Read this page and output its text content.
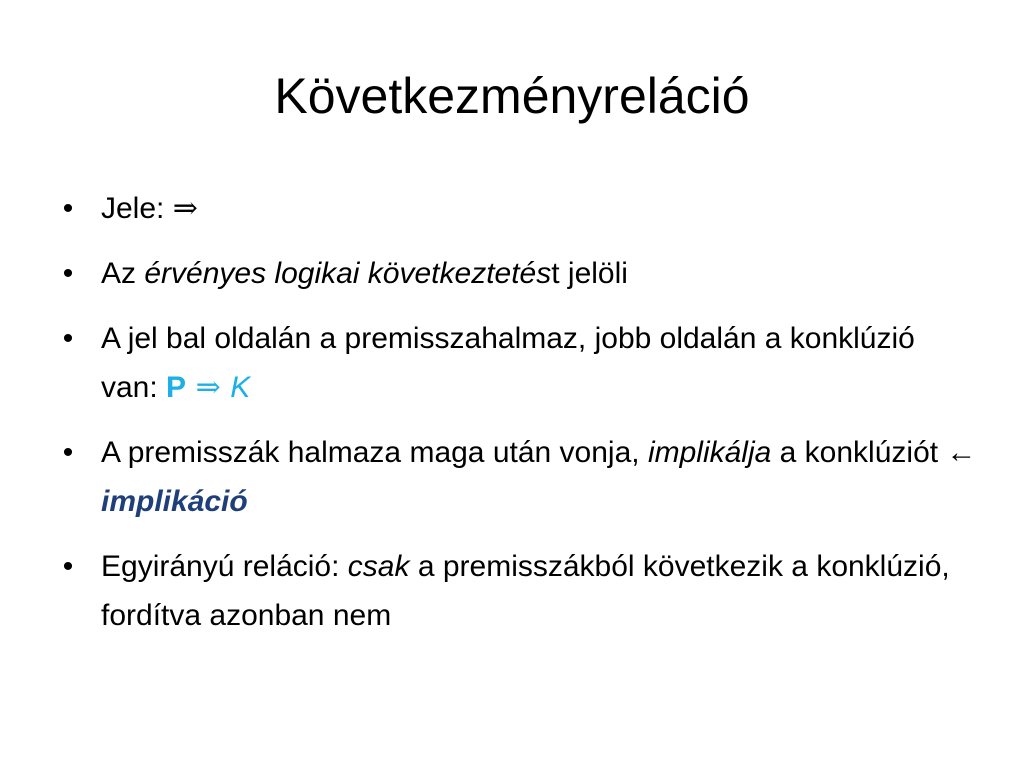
Következményreláció
• Jele: ⇒
• Az érvényes logikai következtetést jelöli
• A jel bal oldalán a premisszahalmaz, jobb oldalán a konklúzió van: P ⇒ K
• A premisszák halmaza maga után vonja, implikálja a konklúziót ← implikáció
• Egyirányú reláció: csak a premisszákból következik a konklúzió, fordítva azonban nem
